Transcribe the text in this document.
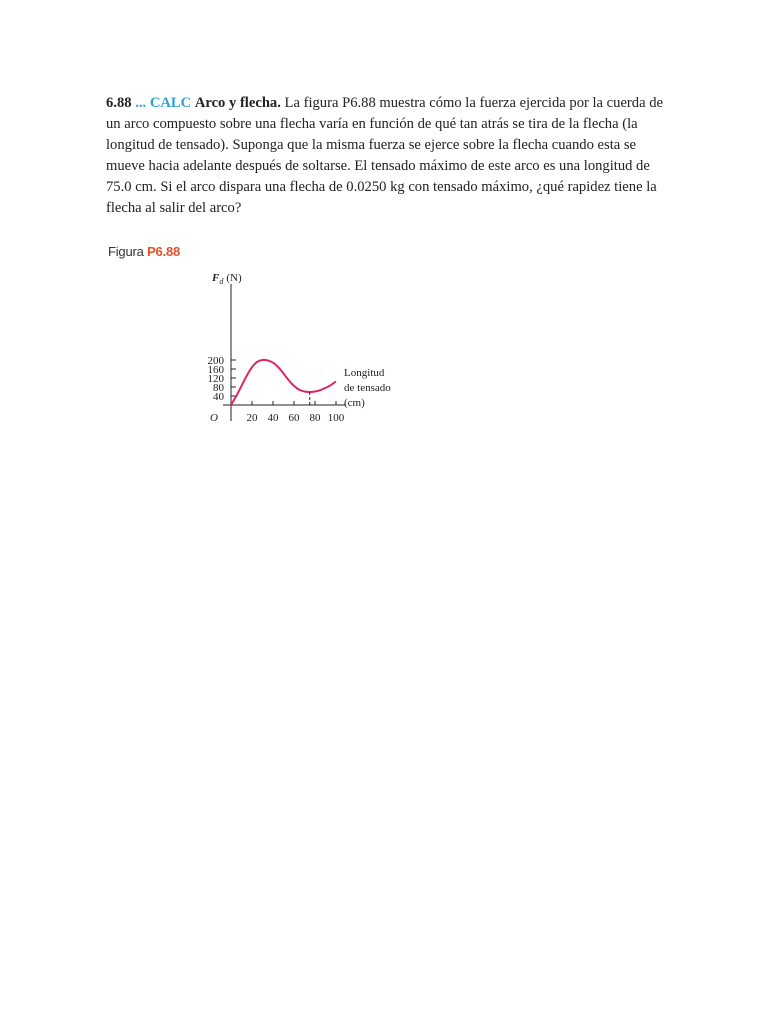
6.88 ... CALC Arco y flecha. La figura P6.88 muestra cómo la fuerza ejercida por la cuerda de un arco compuesto sobre una flecha varía en función de qué tan atrás se tira de la flecha (la longitud de tensado). Suponga que la misma fuerza se ejerce sobre la flecha cuando esta se mueve hacia adelante después de soltarse. El tensado máximo de este arco es una longitud de 75.0 cm. Si el arco dispara una flecha de 0.0250 kg con tensado máximo, ¿qué rapidez tiene la flecha al salir del arco?
Figura P6.88
$F_d$ (N)
20 40 60 80 100
40
80
120
160
200
O
Longitud
de tensado
(cm)
